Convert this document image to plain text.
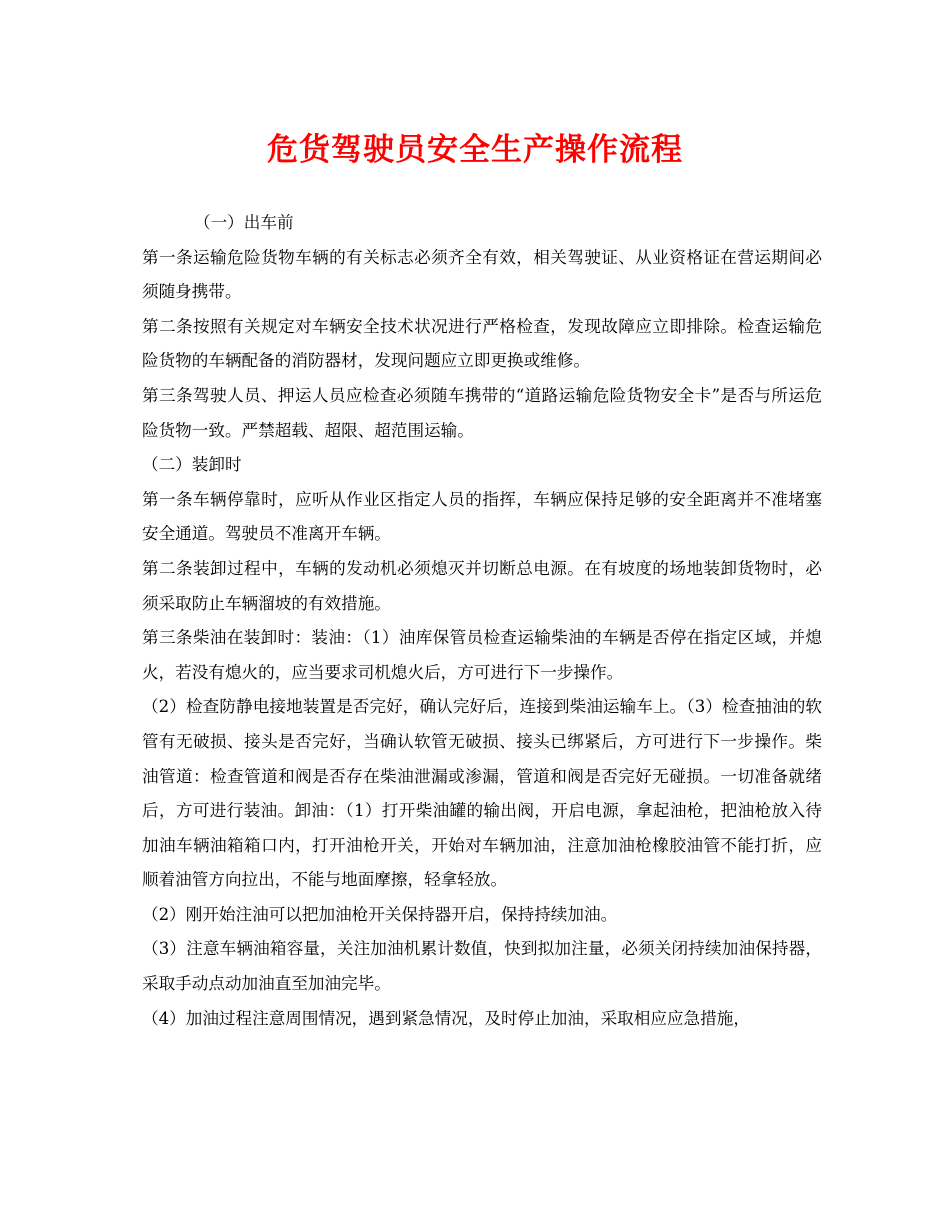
危货驾驶员安全生产操作流程

（一）出车前

第一条运输危险货物车辆的有关标志必须齐全有效，相关驾驶证、从业资格证在营运期间必须随身携带。

第二条按照有关规定对车辆安全技术状况进行严格检查，发现故障应立即排除。检查运输危险货物的车辆配备的消防器材，发现问题应立即更换或维修。

第三条驾驶人员、押运人员应检查必须随车携带的“道路运输危险货物安全卡”是否与所运危险货物一致。严禁超载、超限、超范围运输。

（二）装卸时

第一条车辆停靠时，应听从作业区指定人员的指挥，车辆应保持足够的安全距离并不准堵塞安全通道。驾驶员不准离开车辆。

第二条装卸过程中，车辆的发动机必须熄灭并切断总电源。在有坡度的场地装卸货物时，必须采取防止车辆溜坡的有效措施。

第三条柴油在装卸时：装油：（1）油库保管员检查运输柴油的车辆是否停在指定区域，并熄火，若没有熄火的，应当要求司机熄火后，方可进行下一步操作。

（2）检查防静电接地装置是否完好，确认完好后，连接到柴油运输车上。（3）检查抽油的软管有无破损、接头是否完好，当确认软管无破损、接头已绑紧后，方可进行下一步操作。柴油管道：检查管道和阀是否存在柴油泄漏或渗漏，管道和阀是否完好无碰损。一切准备就绪后，方可进行装油。卸油：（1）打开柴油罐的输出阀，开启电源，拿起油枪，把油枪放入待加油车辆油箱箱口内，打开油枪开关，开始对车辆加油，注意加油枪橡胶油管不能打折，应顺着油管方向拉出，不能与地面摩擦，轻拿轻放。

（2）刚开始注油可以把加油枪开关保持器开启，保持持续加油。

（3）注意车辆油箱容量，关注加油机累计数值，快到拟加注量，必须关闭持续加油保持器，采取手动点动加油直至加油完毕。

（4）加油过程注意周围情况，遇到紧急情况，及时停止加油，采取相应应急措施，
